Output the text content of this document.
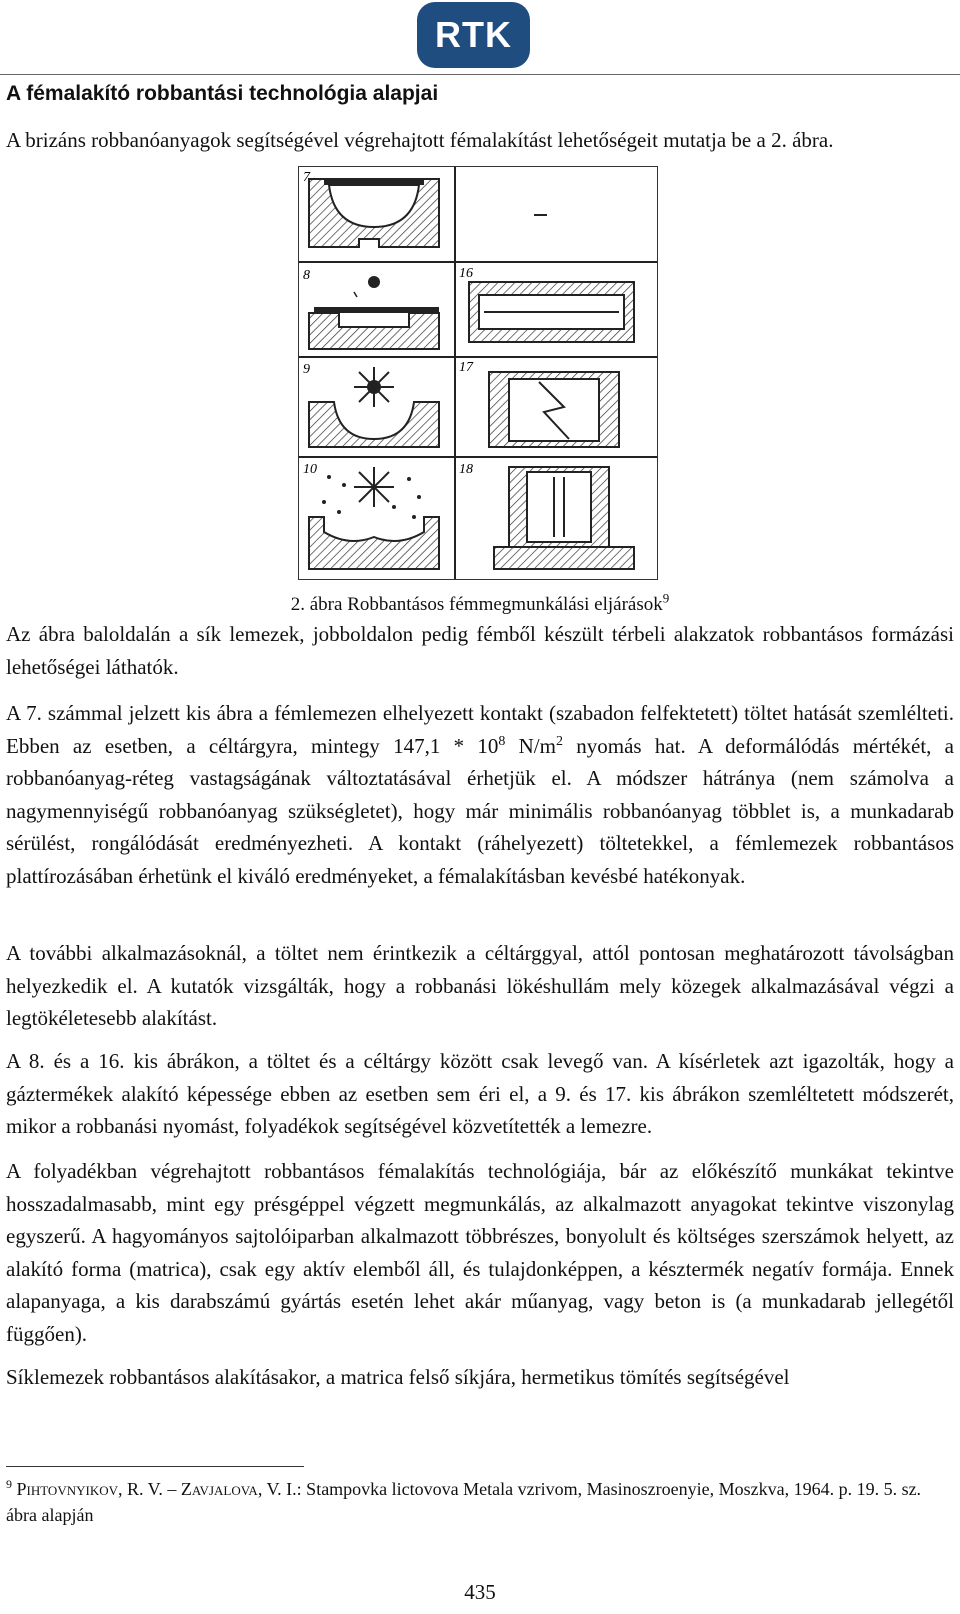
RTK
A fémalakító robbantási technológia alapjai

A brizáns robbanóanyagok segítségével végrehajtott fémalakítást lehetőségeit mutatja be a 2. ábra.

7
8
9
10
16
17
18

2. ábra Robbantásos fémmegmunkálási eljárások$^9$

Az ábra baloldalán a sík lemezek, jobboldalon pedig fémből készült térbeli alakzatok robbantásos formázási lehetőségei láthatók.

A 7. számmal jelzett kis ábra a fémlemezen elhelyezett kontakt (szabadon felfektetett) töltet hatását szemlélteti. Ebben az esetben, a céltárgyra, mintegy $147,1 * 10^8$ $N/m^2$ nyomás hat. A deformálódás mértékét, a robbanóanyag-réteg vastagságának változtatásával érhetjük el. A módszer hátránya (nem számolva a nagymennyiségű robbanóanyag szükségletet), hogy már minimális robbanóanyag többlet is, a munkadarab sérülést, rongálódását eredményezheti. A kontakt (ráhelyezett) töltetekkel, a fémlemezek robbantásos plattírozásában érhetünk el kiváló eredményeket, a fémalakításban kevésbé hatékonyak.

A további alkalmazásoknál, a töltet nem érintkezik a céltárggyal, attól pontosan meghatározott távolságban helyezkedik el. A kutatók vizsgálták, hogy a robbanási lökéshullám mely közegek alkalmazásával végzi a legtökéletesebb alakítást.

A 8. és a 16. kis ábrákon, a töltet és a céltárgy között csak levegő van. A kísérletek azt igazolták, hogy a gáztermékek alakító képessége ebben az esetben sem éri el, a 9. és 17. kis ábrákon szemléltetett módszerét, mikor a robbanási nyomást, folyadékok segítségével közvetítették a lemezre.

A folyadékban végrehajtott robbantásos fémalakítás technológiája, bár az előkészítő munkákat tekintve hosszadalmasabb, mint egy présgéppel végzett megmunkálás, az alkalmazott anyagokat tekintve viszonylag egyszerű. A hagyományos sajtolóiparban alkalmazott többrészes, bonyolult és költséges szerszámok helyett, az alakító forma (matrica), csak egy aktív elemből áll, és tulajdonképpen, a késztermék negatív formája. Ennek alapanyaga, a kis darabszámú gyártás esetén lehet akár műanyag, vagy beton is (a munkadarab jellegétől függően).

Síklemezek robbantásos alakításakor, a matrica felső síkjára, hermetikus tömítés segítségével

$^9$ Pihtovnyikov, R. V. – Zavjalova, V. I.: Stampovka lictovova Metala vzrivom, Masinoszroenyie, Moszkva, 1964. p. 19. 5. sz. ábra alapján

435
